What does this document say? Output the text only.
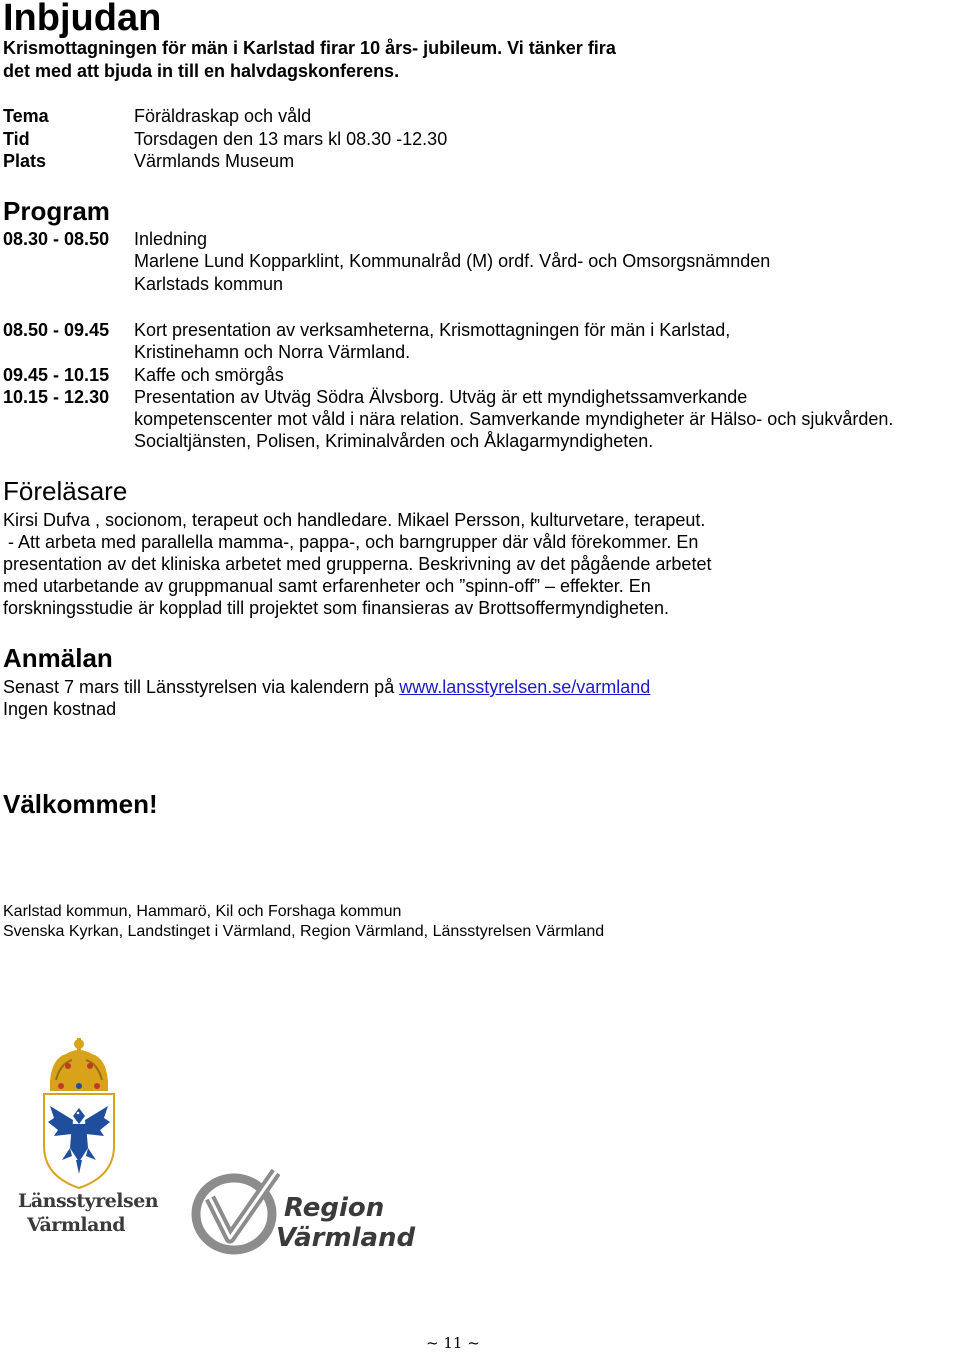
Inbjudan
Krismottagningen för män i Karlstad firar 10 års- jubileum. Vi tänker fira
det med att bjuda in till en halvdagskonferens.
Tema	Föräldraskap och våld
Tid	Torsdagen den 13 mars kl 08.30 -12.30
Plats	Värmlands Museum
Program
08.30 - 08.50 Inledning
Marlene Lund Kopparklint, Kommunalråd (M) ordf. Vård- och Omsorgsnämnden
Karlstads kommun
08.50 - 09.45 Kort presentation av verksamheterna, Krismottagningen för män i Karlstad,
Kristinehamn och Norra Värmland.
09.45 - 10.15 Kaffe och smörgås
10.15 - 12.30 Presentation av Utväg Södra Älvsborg. Utväg är ett myndighetssamverkande
kompetenscenter mot våld i nära relation. Samverkande myndigheter är Hälso- och sjukvården.
Socialtjänsten, Polisen, Kriminalvården och Åklagarmyndigheten.
Föreläsare
Kirsi Dufva , socionom, terapeut och handledare. Mikael Persson, kulturvetare, terapeut.
- Att arbeta med parallella mamma-, pappa-, och barngrupper där våld förekommer. En
presentation av det kliniska arbetet med grupperna. Beskrivning av det pågående arbetet
med utarbetande av gruppmanual samt erfarenheter och ”spinn-off” – effekter. En
forskningsstudie är kopplad till projektet som finansieras av Brottsoffermyndigheten.
Anmälan
Senast 7 mars till Länsstyrelsen via kalendern på www.lansstyrelsen.se/varmland
Ingen kostnad
Välkommen!
Karlstad kommun, Hammarö, Kil och Forshaga kommun
Svenska Kyrkan, Landstinget i Värmland, Region Värmland, Länsstyrelsen Värmland
Länsstyrelsen
Värmland
Region
Värmland
~ 11 ~
